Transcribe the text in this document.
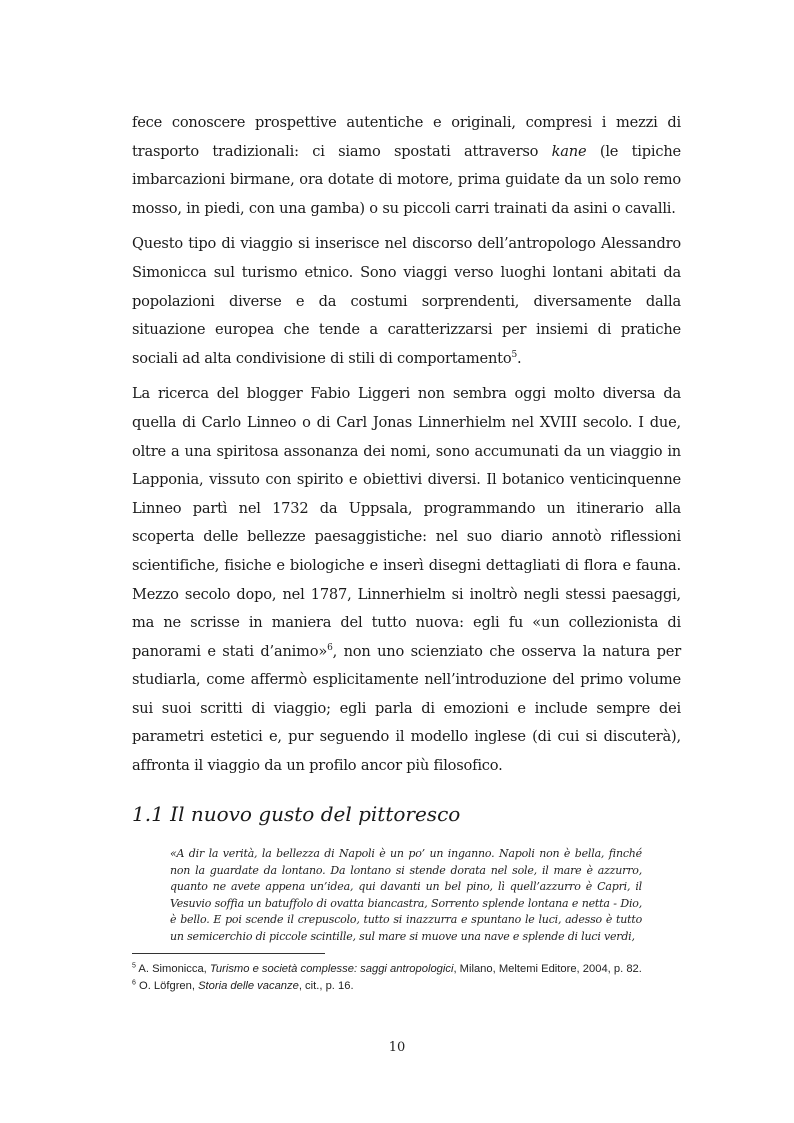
fece conoscere prospettive autentiche e originali, compresi i mezzi di trasporto tradizionali: ci siamo spostati attraverso kane (le tipiche imbarcazioni birmane, ora dotate di motore, prima guidate da un solo remo mosso, in piedi, con una gamba) o su piccoli carri trainati da asini o cavalli.

Questo tipo di viaggio si inserisce nel discorso dell’antropologo Alessandro Simonicca sul turismo etnico. Sono viaggi verso luoghi lontani abitati da popolazioni diverse e da costumi sorprendenti, diversamente dalla situazione europea che tende a caratterizzarsi per insiemi di pratiche sociali ad alta condivisione di stili di comportamento$^5$.

La ricerca del blogger Fabio Liggeri non sembra oggi molto diversa da quella di Carlo Linneo o di Carl Jonas Linnerhielm nel XVIII secolo. I due, oltre a una spiritosa assonanza dei nomi, sono accumunati da un viaggio in Lapponia, vissuto con spirito e obiettivi diversi. Il botanico venticinquenne Linneo partì nel 1732 da Uppsala, programmando un itinerario alla scoperta delle bellezze paesaggistiche: nel suo diario annotò riflessioni scientifiche, fisiche e biologiche e inserì disegni dettagliati di flora e fauna. Mezzo secolo dopo, nel 1787, Linnerhielm si inoltrò negli stessi paesaggi, ma ne scrisse in maniera del tutto nuova: egli fu «un collezionista di panorami e stati d’animo»$^6$, non uno scienziato che osserva la natura per studiarla, come affermò esplicitamente nell’introduzione del primo volume sui suoi scritti di viaggio; egli parla di emozioni e include sempre dei parametri estetici e, pur seguendo il modello inglese (di cui si discuterà), affronta il viaggio da un profilo ancor più filosofico.

1.1 Il nuovo gusto del pittoresco

«A dir la verità, la bellezza di Napoli è un po’ un inganno. Napoli non è bella, finché non la guardate da lontano. Da lontano si stende dorata nel sole, il mare è azzurro, quanto ne avete appena un’idea, qui davanti un bel pino, lì quell’azzurro è Capri, il Vesuvio soffia un batuffolo di ovatta biancastra, Sorrento splende lontana e netta - Dio, è bello. E poi scende il crepuscolo, tutto si inazzurra e spuntano le luci, adesso è tutto un semicerchio di piccole scintille, sul mare si muove una nave e splende di luci verdi,

$^5$ A. Simonicca, Turismo e società complesse: saggi antropologici, Milano, Meltemi Editore, 2004, p. 82.
$^6$ O. Löfgren, Storia delle vacanze, cit., p. 16.
10
